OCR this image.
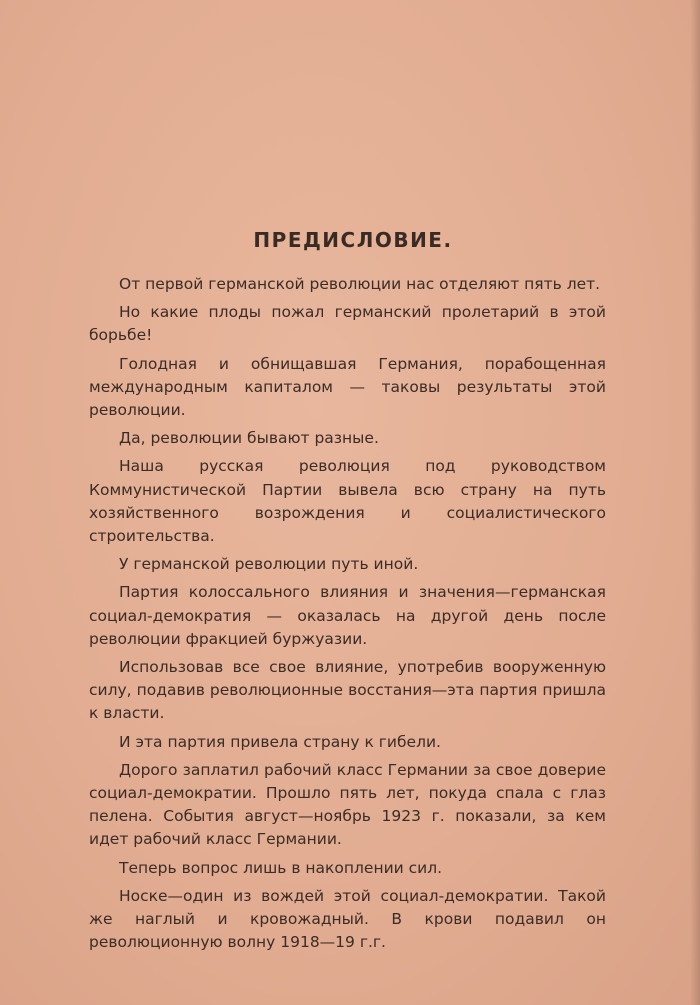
ПРЕДИСЛОВИЕ.

От первой германской революции нас отделяют пять лет.

Но какие плоды пожал германский пролетарий в этой борьбе!

Голодная и обнищавшая Германия, порабощенная международным капиталом — таковы результаты этой революции.

Да, революции бывают разные.

Наша русская революция под руководством Коммунистической Партии вывела всю страну на путь хозяйственного возрождения и социалистического строительства.

У германской революции путь иной.

Партия колоссального влияния и значения—германская социал-демократия — оказалась на другой день после революции фракцией буржуазии.

Использовав все свое влияние, употребив вооруженную силу, подавив революционные восстания—эта партия пришла к власти.

И эта партия привела страну к гибели.

Дорого заплатил рабочий класс Германии за свое доверие социал-демократии. Прошло пять лет, покуда спала с глаз пелена. События август—ноябрь 1923 г. показали, за кем идет рабочий класс Германии.

Теперь вопрос лишь в накоплении сил.

Носке—один из вождей этой социал-демократии. Такой же наглый и кровожадный. В крови подавил он революционную волну 1918—19 г.г.
